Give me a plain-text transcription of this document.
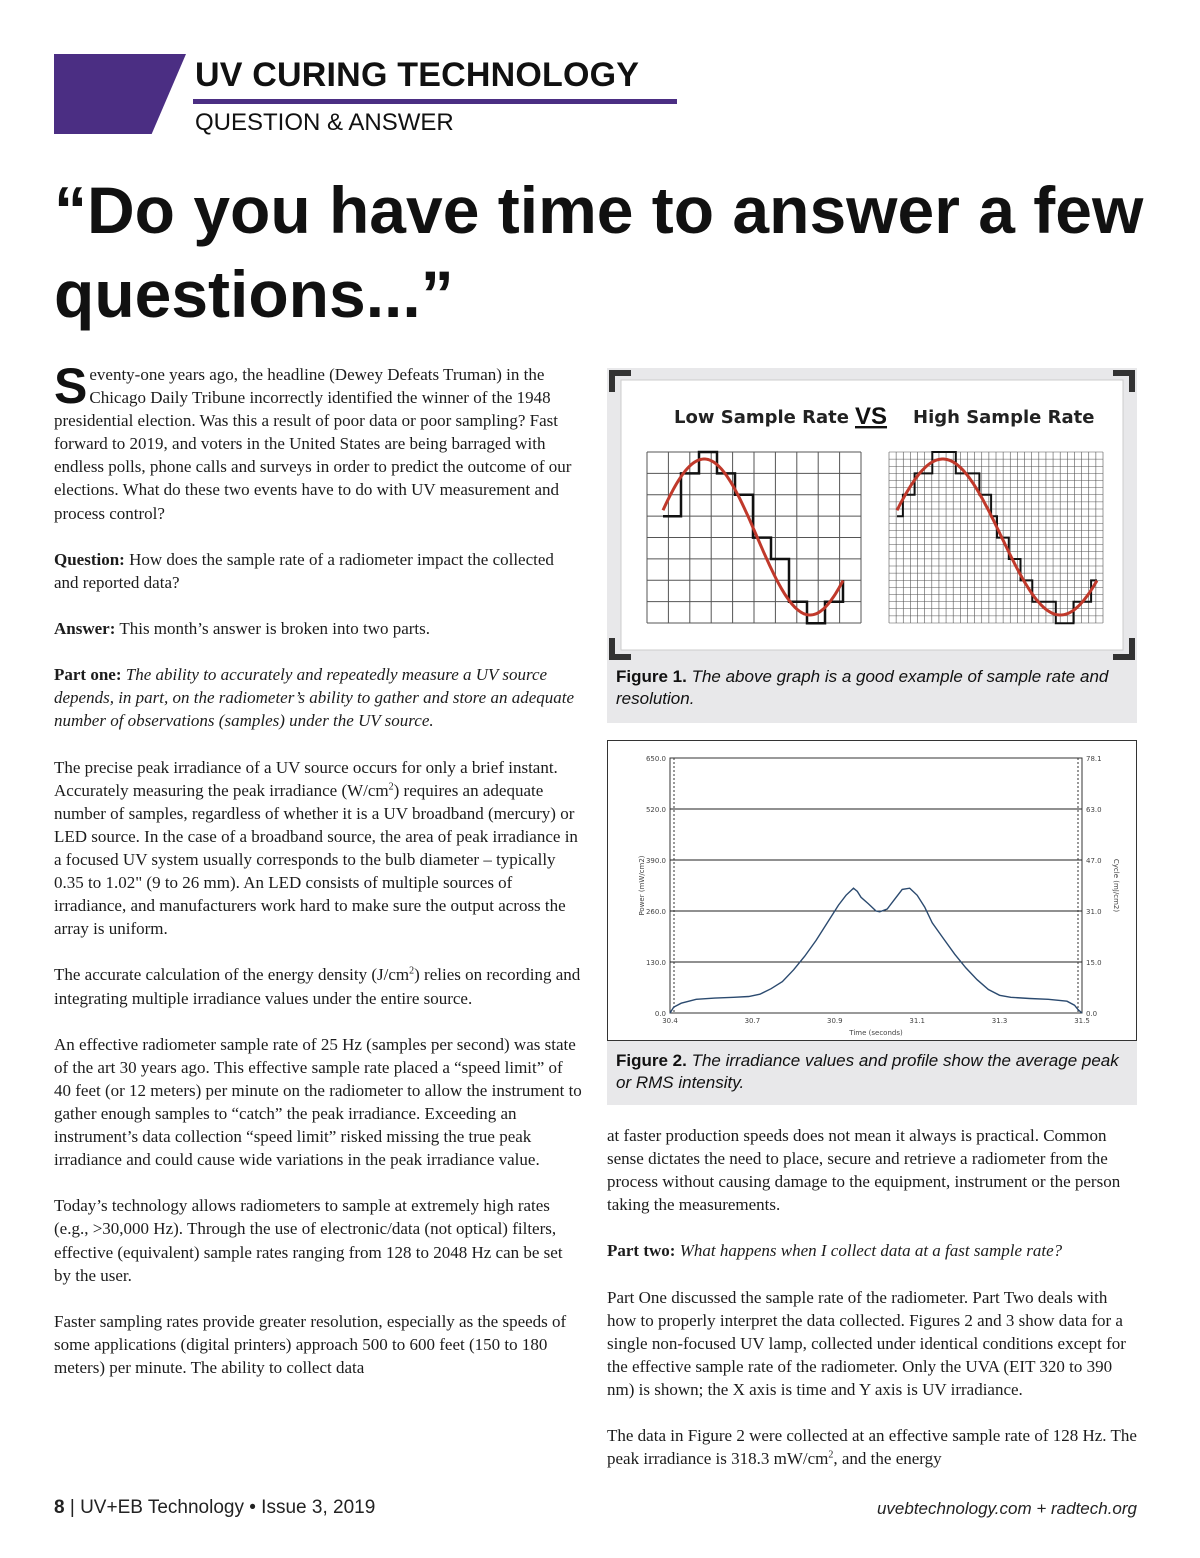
UV CURING TECHNOLOGY
QUESTION & ANSWER
“Do you have time to answer a few questions...”

Seventy-one years ago, the headline (Dewey Defeats Truman) in the Chicago Daily Tribune incorrectly identified the winner of the 1948 presidential election. Was this a result of poor data or poor sampling? Fast forward to 2019, and voters in the United States are being barraged with endless polls, phone calls and surveys in order to predict the outcome of our elections. What do these two events have to do with UV measurement and process control?

Question: How does the sample rate of a radiometer impact the collected and reported data?

Answer: This month’s answer is broken into two parts.

Part one: The ability to accurately and repeatedly measure a UV source depends, in part, on the radiometer’s ability to gather and store an adequate number of observations (samples) under the UV source.

The precise peak irradiance of a UV source occurs for only a brief instant. Accurately measuring the peak irradiance $(W/cm^2)$ requires an adequate number of samples, regardless of whether it is a UV broadband (mercury) or LED source. In the case of a broadband source, the area of peak irradiance in a focused UV system usually corresponds to the bulb diameter – typically 0.35 to 1.02" (9 to 26 mm). An LED consists of multiple sources of irradiance, and manufacturers work hard to make sure the output across the array is uniform.

The accurate calculation of the energy density $(J/cm^2)$ relies on recording and integrating multiple irradiance values under the entire source.

An effective radiometer sample rate of 25 Hz (samples per second) was state of the art 30 years ago. This effective sample rate placed a “speed limit” of 40 feet (or 12 meters) per minute on the radiometer to allow the instrument to gather enough samples to “catch” the peak irradiance. Exceeding an instrument’s data collection “speed limit” risked missing the true peak irradiance and could cause wide variations in the peak irradiance value.

Today’s technology allows radiometers to sample at extremely high rates (e.g., >30,000 Hz). Through the use of electronic/data (not optical) filters, effective (equivalent) sample rates ranging from 128 to 2048 Hz can be set by the user.

Faster sampling rates provide greater resolution, especially as the speeds of some applications (digital printers) approach 500 to 600 feet (150 to 180 meters) per minute. The ability to collect data

Low Sample Rate VS High Sample Rate
Figure 1. The above graph is a good example of sample rate and resolution.
0.0
130.0
260.0
390.0
520.0
650.0
0.0
15.0
31.0
47.0
63.0
78.1
30.4	30.7	30.9	31.1	31.3	31.5
Time (seconds)
Power (mW/cm2)	Cycle (mJ/cm2)
Figure 2. The irradiance values and profile show the average peak or RMS intensity.

at faster production speeds does not mean it always is practical. Common sense dictates the need to place, secure and retrieve a radiometer from the process without causing damage to the equipment, instrument or the person taking the measurements.

Part two: What happens when I collect data at a fast sample rate?

Part One discussed the sample rate of the radiometer. Part Two deals with how to properly interpret the data collected. Figures 2 and 3 show data for a single non-focused UV lamp, collected under identical conditions except for the effective sample rate of the radiometer. Only the UVA (EIT 320 to 390 nm) is shown; the X axis is time and Y axis is UV irradiance.

The data in Figure 2 were collected at an effective sample rate of 128 Hz. The peak irradiance is 318.3 $mW/cm^2$, and the energy

8 | UV+EB Technology • Issue 3, 2019	uvebtechnology.com + radtech.org
